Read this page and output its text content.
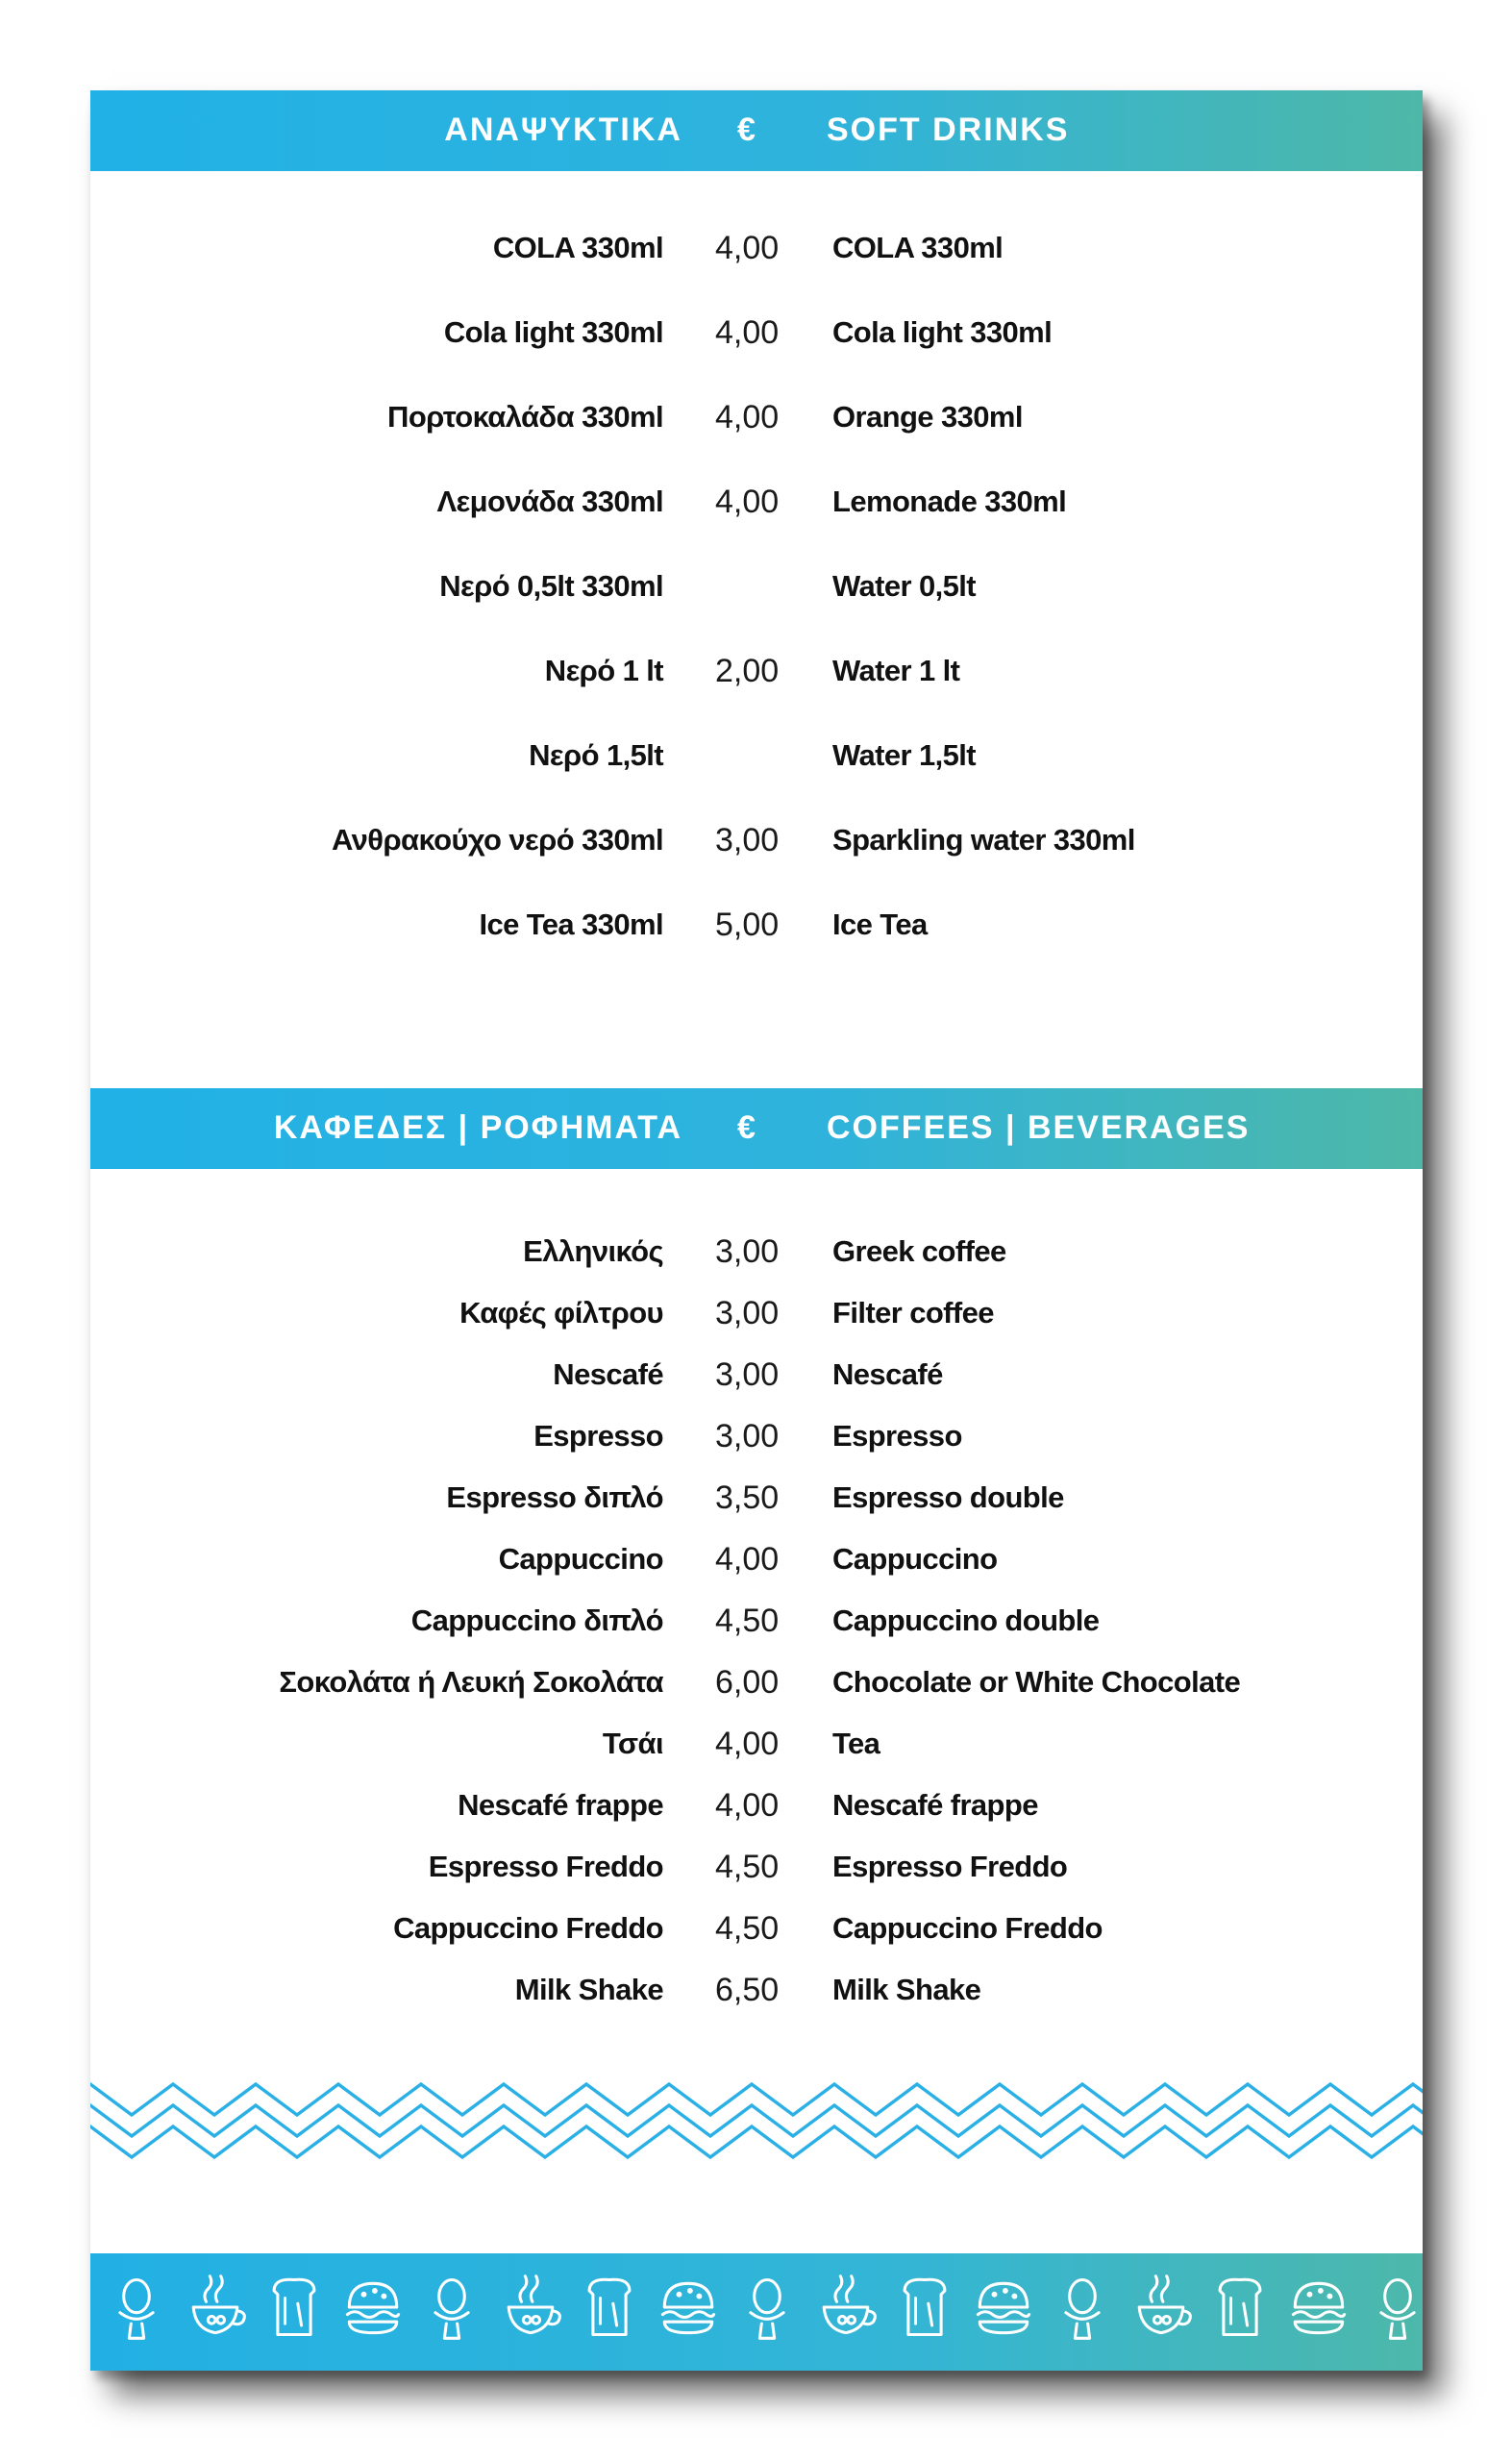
ΑΝΑΨΥΚΤΙΚΑ € SOFT DRINKS
COLA 330ml 4,00 COLA 330ml
Cola light 330ml 4,00 Cola light 330ml
Πορτοκαλάδα 330ml 4,00 Orange 330ml
Λεμονάδα 330ml 4,00 Lemonade 330ml
Νερό 0,5lt 330ml	Water 0,5lt
Νερό 1 lt 2,00 Water 1 lt
Νερό 1,5lt	Water 1,5lt
Ανθρακούχο νερό 330ml 3,00 Sparkling water 330ml
Ice Tea 330ml 5,00 Ice Tea
ΚΑΦΕΔΕΣ | ΡΟΦΗΜΑΤΑ € COFFEES | BEVERAGES
Ελληνικός 3,00 Greek coffee
Καφές φίλτρου 3,00 Filter coffee
Nescafé 3,00 Nescafé
Espresso 3,00 Espresso
Espresso διπλό 3,50 Espresso double
Cappuccino 4,00 Cappuccino
Cappuccino διπλό 4,50 Cappuccino double
Σοκολάτα ή Λευκή Σοκολάτα 6,00 Chocolate or White Chocolate
Τσάι 4,00 Tea
Nescafé frappe 4,00 Nescafé frappe
Espresso Freddo 4,50 Espresso Freddo
Cappuccino Freddo 4,50 Cappuccino Freddo
Milk Shake 6,50 Milk Shake
